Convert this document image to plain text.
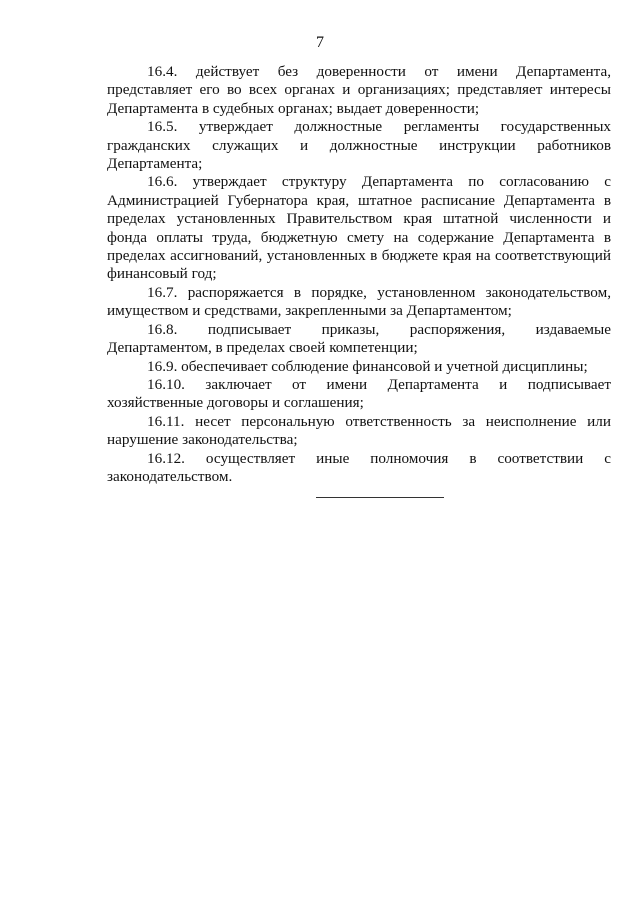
7

16.4. действует без доверенности от имени Департамента, представляет его во всех органах и организациях; представляет интересы Департамента в судебных органах; выдает доверенности;

16.5. утверждает должностные регламенты государственных гражданских служащих и должностные инструкции работников Департамента;

16.6. утверждает структуру Департамента по согласованию с Администрацией Губернатора края, штатное расписание Департамента в пределах установленных Правительством края штатной численности и фонда оплаты труда, бюджетную смету на содержание Департамента в пределах ассигнований, установленных в бюджете края на соответствующий финансовый год;

16.7. распоряжается в порядке, установленном законодательством, имуществом и средствами, закрепленными за Департаментом;

16.8. подписывает приказы, распоряжения, издаваемые Департаментом, в пределах своей компетенции;

16.9. обеспечивает соблюдение финансовой и учетной дисциплины;

16.10. заключает от имени Департамента и подписывает хозяйственные договоры и соглашения;

16.11. несет персональную ответственность за неисполнение или нарушение законодательства;

16.12. осуществляет иные полномочия в соответствии с законодательством.
